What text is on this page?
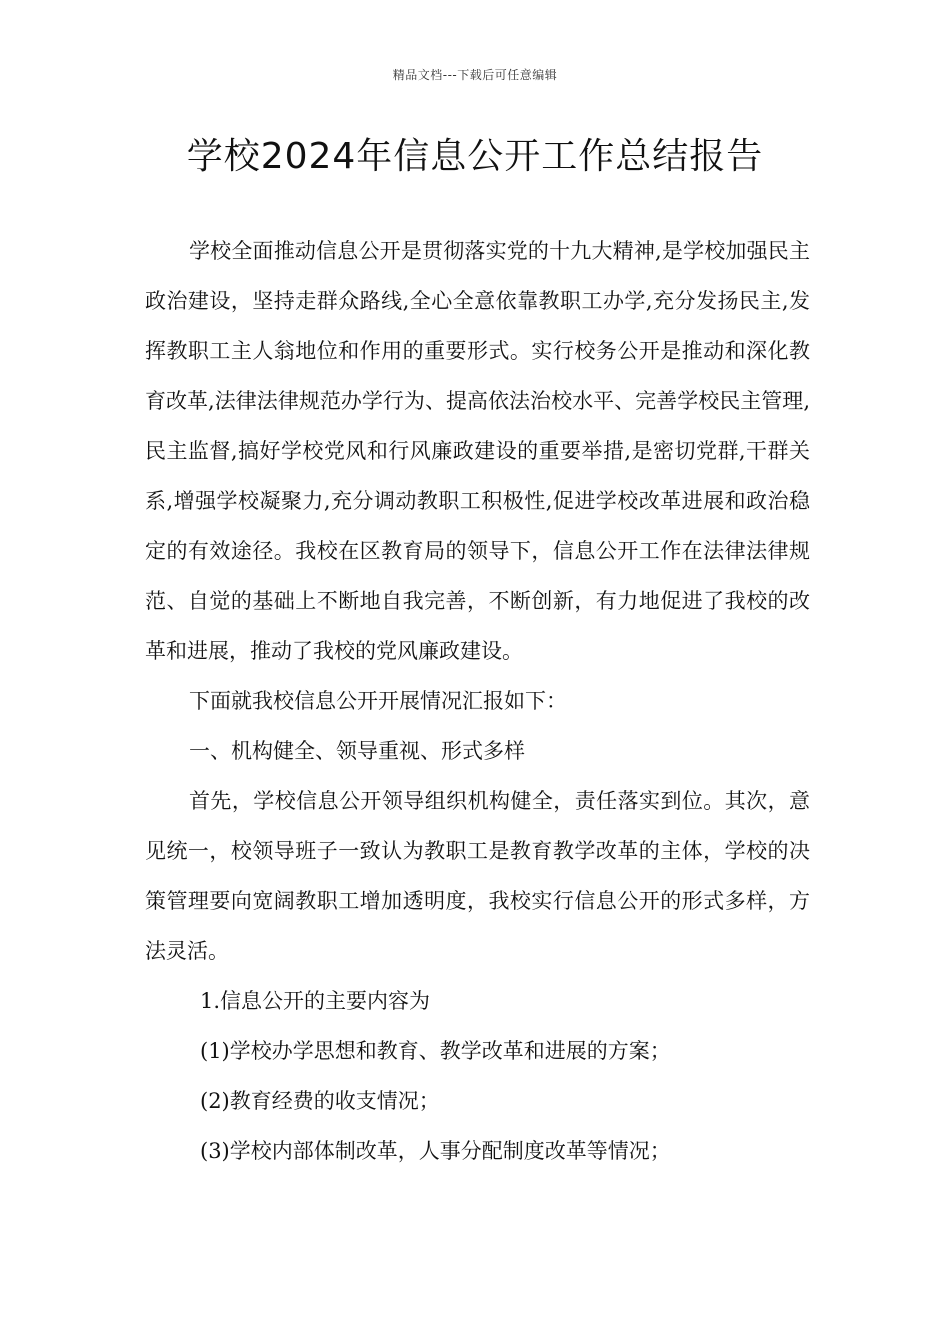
精品文档---下载后可任意编辑
学校2024年信息公开工作总结报告

学校全面推动信息公开是贯彻落实党的十九大精神,是学校加强民主政治建设，坚持走群众路线,全心全意依靠教职工办学,充分发扬民主,发挥教职工主人翁地位和作用的重要形式。实行校务公开是推动和深化教育改革,法律法律规范办学行为、提高依法治校水平、完善学校民主管理,民主监督,搞好学校党风和行风廉政建设的重要举措,是密切党群,干群关系,增强学校凝聚力,充分调动教职工积极性,促进学校改革进展和政治稳定的有效途径。我校在区教育局的领导下，信息公开工作在法律法律规范、自觉的基础上不断地自我完善，不断创新，有力地促进了我校的改革和进展，推动了我校的党风廉政建设。

下面就我校信息公开开展情况汇报如下：

一、机构健全、领导重视、形式多样

首先，学校信息公开领导组织机构健全，责任落实到位。其次，意见统一，校领导班子一致认为教职工是教育教学改革的主体，学校的决策管理要向宽阔教职工增加透明度，我校实行信息公开的形式多样，方法灵活。

1.信息公开的主要内容为

(1)学校办学思想和教育、教学改革和进展的方案；

(2)教育经费的收支情况；

(3)学校内部体制改革，人事分配制度改革等情况；
